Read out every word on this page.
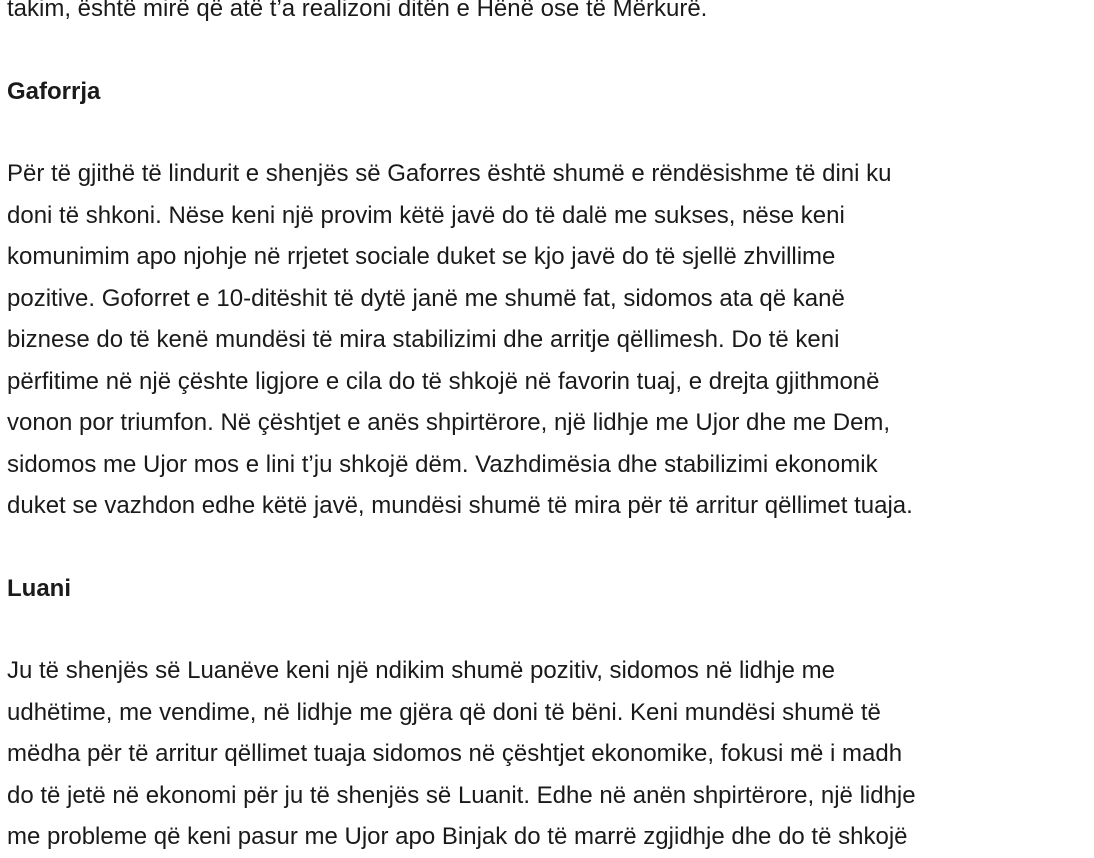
takim, është mirë që atë t’a realizoni ditën e Hënë ose të Mërkurë.

Gaforrja

Për të gjithë të lindurit e shenjës së Gaforres është shumë e rëndësishme të dini ku
doni të shkoni. Nëse keni një provim këtë javë do të dalë me sukses, nëse keni
komunimim apo njohje në rrjetet sociale duket se kjo javë do të sjellë zhvillime
pozitive. Goforret e 10-ditëshit të dytë janë me shumë fat, sidomos ata që kanë
biznese do të kenë mundësi të mira stabilizimi dhe arritje qëllimesh. Do të keni
përfitime në një çështe ligjore e cila do të shkojë në favorin tuaj, e drejta gjithmonë
vonon por triumfon. Në çështjet e anës shpirtërore, një lidhje me Ujor dhe me Dem,
sidomos me Ujor mos e lini t’ju shkojë dëm. Vazhdimësia dhe stabilizimi ekonomik
duket se vazhdon edhe këtë javë, mundësi shumë të mira për të arritur qëllimet tuaja.

Luani

Ju të shenjës së Luanëve keni një ndikim shumë pozitiv, sidomos në lidhje me
udhëtime, me vendime, në lidhje me gjëra që doni të bëni. Keni mundësi shumë të
mëdha për të arritur qëllimet tuaja sidomos në çështjet ekonomike, fokusi më i madh
do të jetë në ekonomi për ju të shenjës së Luanit. Edhe në anën shpirtërore, një lidhje
me probleme që keni pasur me Ujor apo Binjak do të marrë zgjidhje dhe do të shkojë
